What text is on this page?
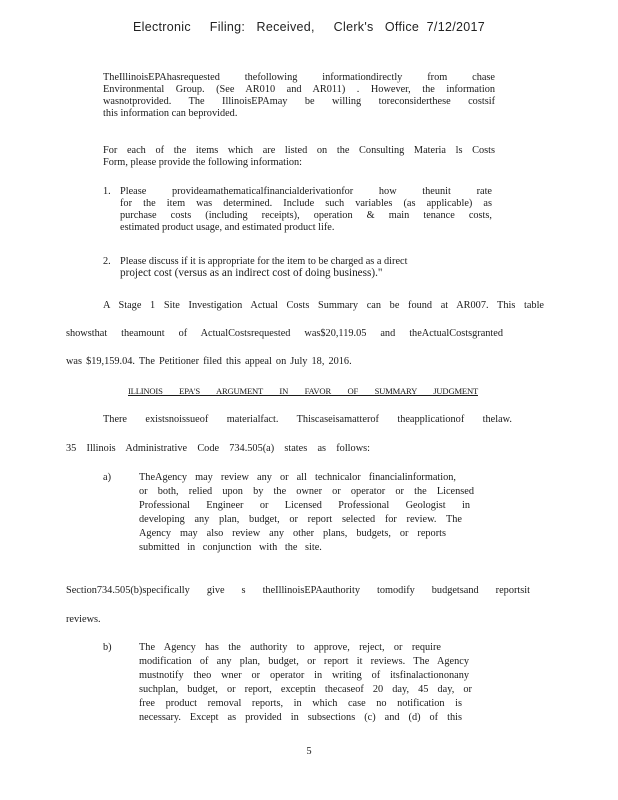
Electronic     Filing:   Received,     Clerk's   Office  7/12/2017
TheIllinoisEPAhasrequested thefollowing informationdirectly from chase
Environmental Group. (See AR010 and AR011) . However, the information
wasnotprovided. The IllinoisEPAmay be willing toreconsiderthese costsif
this information can beprovided.
For each of the items which are listed on the Consulting Materia ls Costs
Form, please provide the following information:
1. Please provideamathematicalfinancialderivationfor how theunit rate
for the item was determined. Include such variables (as applicable) as
purchase costs (including receipts), operation & main tenance costs,
estimated product usage, and estimated product life.
2. Please discuss if it is appropriate for the item to be charged as a direct
project cost (versus as an indirect cost of doing business)."
A Stage 1 Site Investigation Actual Costs Summary can be found at AR007. This table
showsthat theamount of ActualCostsrequested was$20,119.05 and theActualCostsgranted
was $19,159.04. The Petitioner filed this appeal on July 18, 2016.
ILLINOIS EPA'S ARGUMENT IN FAVOR OF SUMMARY JUDGMENT
There existsnoissueof materialfact. Thiscaseisamatterof theapplicationof thelaw.
35 Illinois Administrative Code 734.505(a) states as follows:
a)	TheAgency may review any or all technicalor financialinformation,
or both, relied upon by the owner or operator or the Licensed
Professional Engineer or Licensed Professional Geologist in
developing any plan, budget, or report selected for review. The
Agency may also review any other plans, budgets, or reports
submitted in conjunction with the site.
Section734.505(b)specifically give s theIllinoisEPAauthority tomodify budgetsand reportsit
reviews.
b)	The Agency has the authority to approve, reject, or require
modification of any plan, budget, or report it reviews. The Agency
mustnotify theo wner or operator in writing of itsfinalactiononany
suchplan, budget, or report, exceptin thecaseof 20 day, 45 day, or
free product removal reports, in which case no notification is
necessary. Except as provided in subsections (c) and (d) of this
5
